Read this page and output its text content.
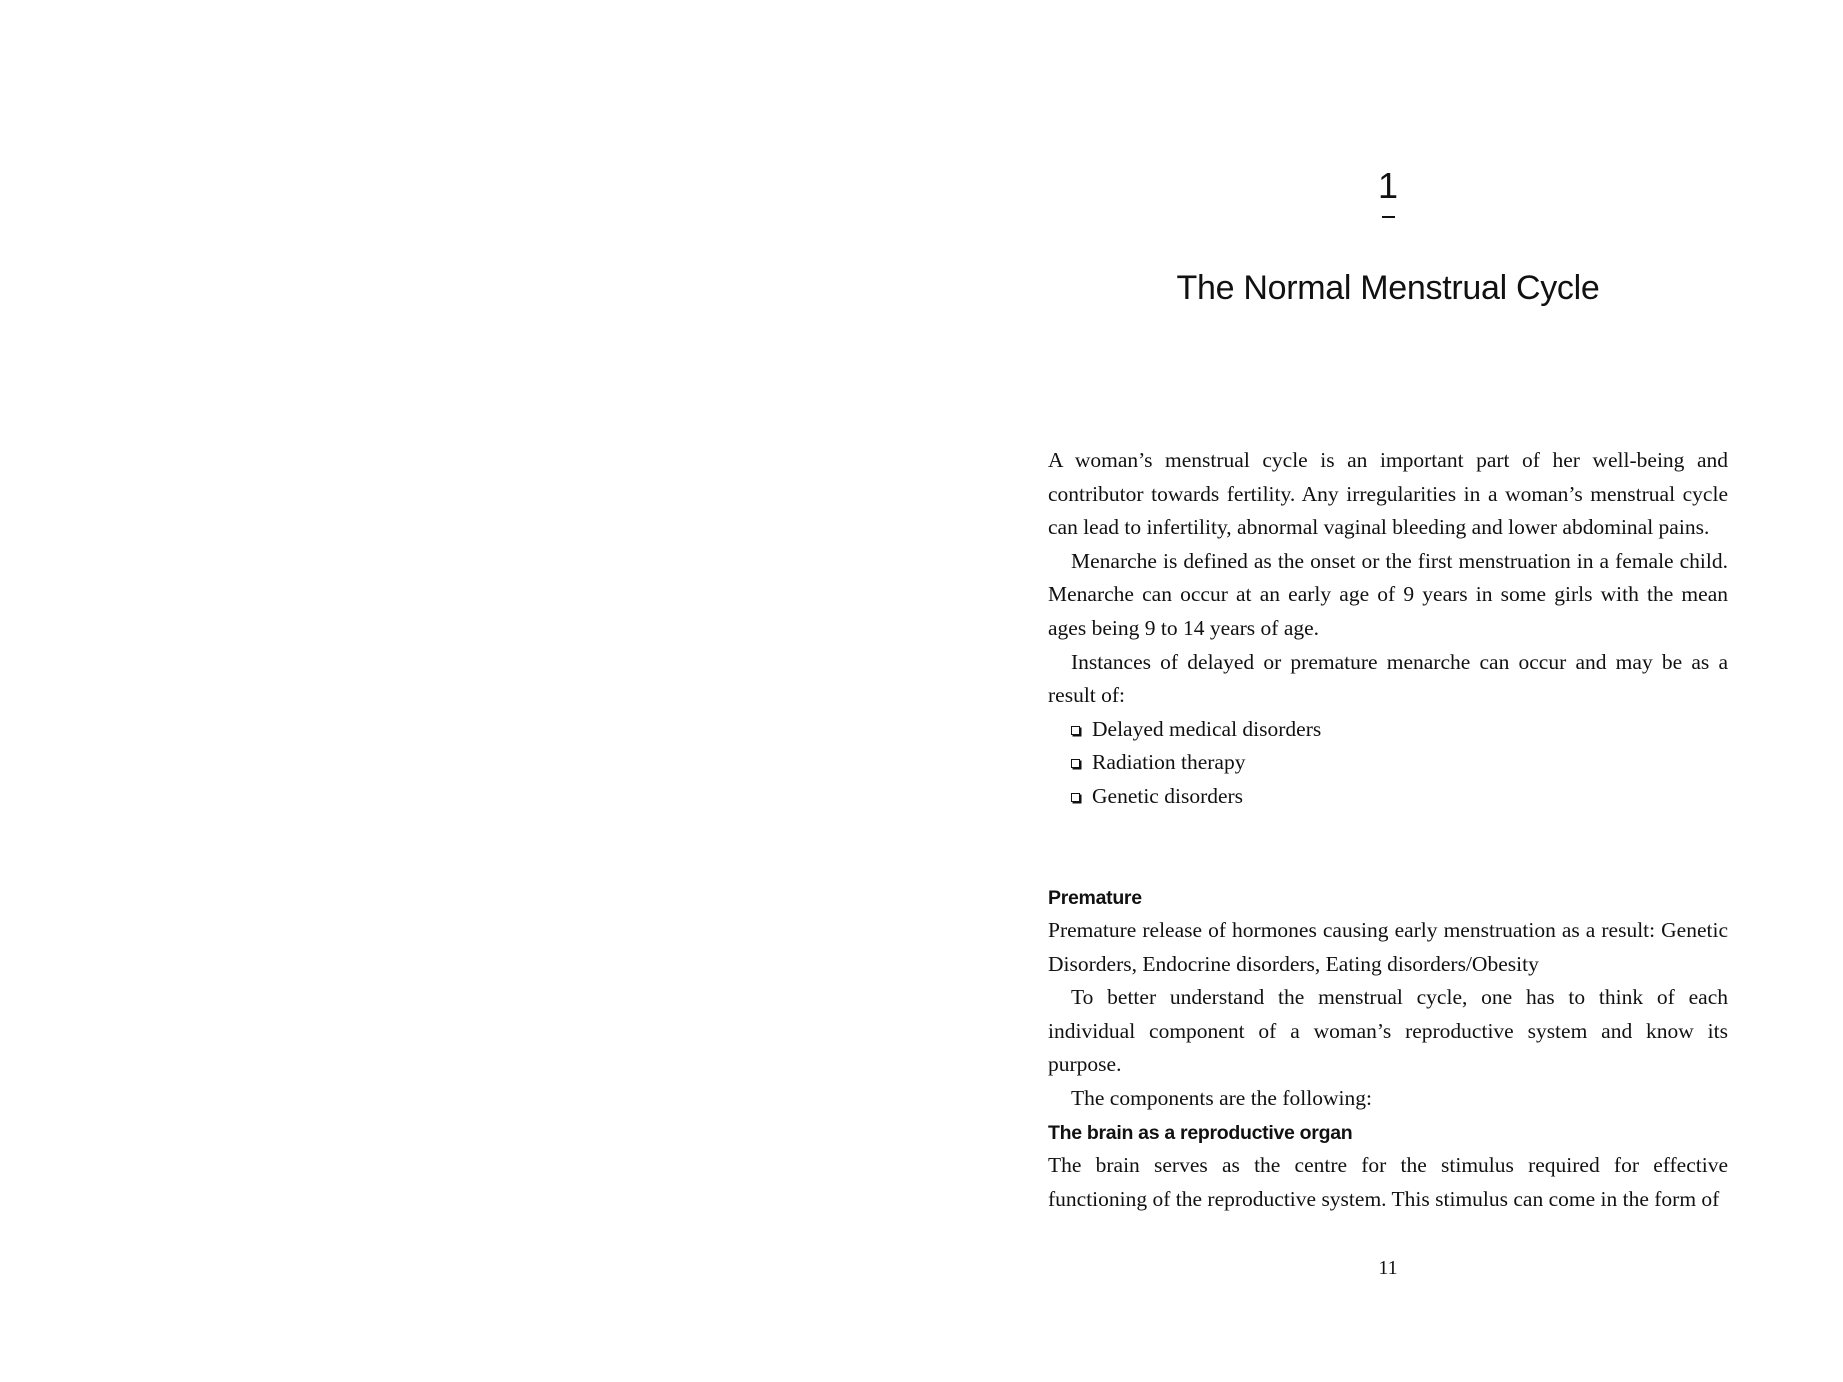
1
The Normal Menstrual Cycle

A woman’s menstrual cycle is an important part of her well-being and contributor towards fertility. Any irregularities in a woman’s menstrual cycle can lead to infertility, abnormal vaginal bleeding and lower abdominal pains.

Menarche is defined as the onset or the first menstruation in a female child. Menarche can occur at an early age of 9 years in some girls with the mean ages being 9 to 14 years of age.

Instances of delayed or premature menarche can occur and may be as a result of:

Delayed medical disorders
Radiation therapy
Genetic disorders
Premature

Premature release of hormones causing early menstruation as a result: Genetic Disorders, Endocrine disorders, Eating disorders/Obesity

To better understand the menstrual cycle, one has to think of each individual component of a woman’s reproductive system and know its purpose.

The components are the following:

The brain as a reproductive organ

The brain serves as the centre for the stimulus required for effective functioning of the reproductive system. This stimulus can come in the form of

11
